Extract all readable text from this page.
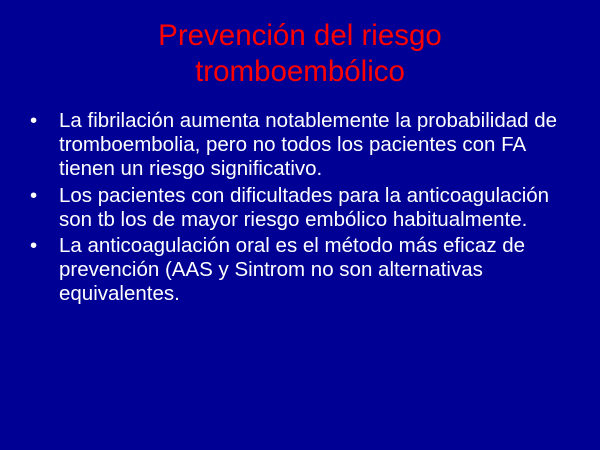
Prevención del riesgo
tromboembólico
•	La fibrilación aumenta notablemente la probabilidad de tromboembolia, pero no todos los pacientes con FA tienen un riesgo significativo.
•	Los pacientes con dificultades para la anticoagulación son tb los de mayor riesgo embólico habitualmente.
•	La anticoagulación oral es el método más eficaz de prevención (AAS y Sintrom no son alternativas equivalentes.
